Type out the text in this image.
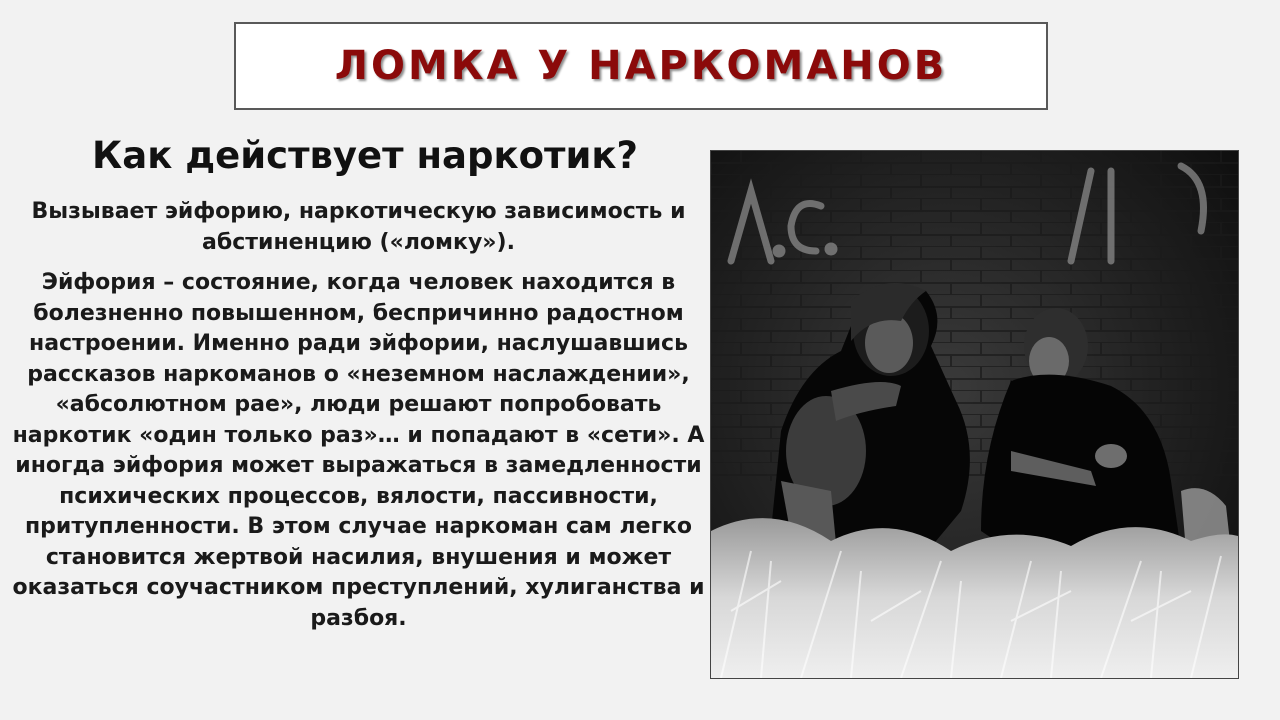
ЛОМКА У НАРКОМАНОВ
Как действует наркотик?

Вызывает эйфорию, наркотическую зависимость и абстиненцию («ломку»).

Эйфория – состояние, когда человек находится в болезненно повышенном, беспричинно радостном настроении. Именно ради эйфории, наслушавшись рассказов наркоманов о «неземном наслаждении», «абсолютном рае», люди решают попробовать наркотик «один только раз»… и попадают в «сети». А иногда эйфория может выражаться в замедленности психических процессов, вялости, пассивности, притупленности. В этом случае наркоман сам легко становится жертвой насилия, внушения и может оказаться соучастником преступлений, хулиганства и разбоя.
